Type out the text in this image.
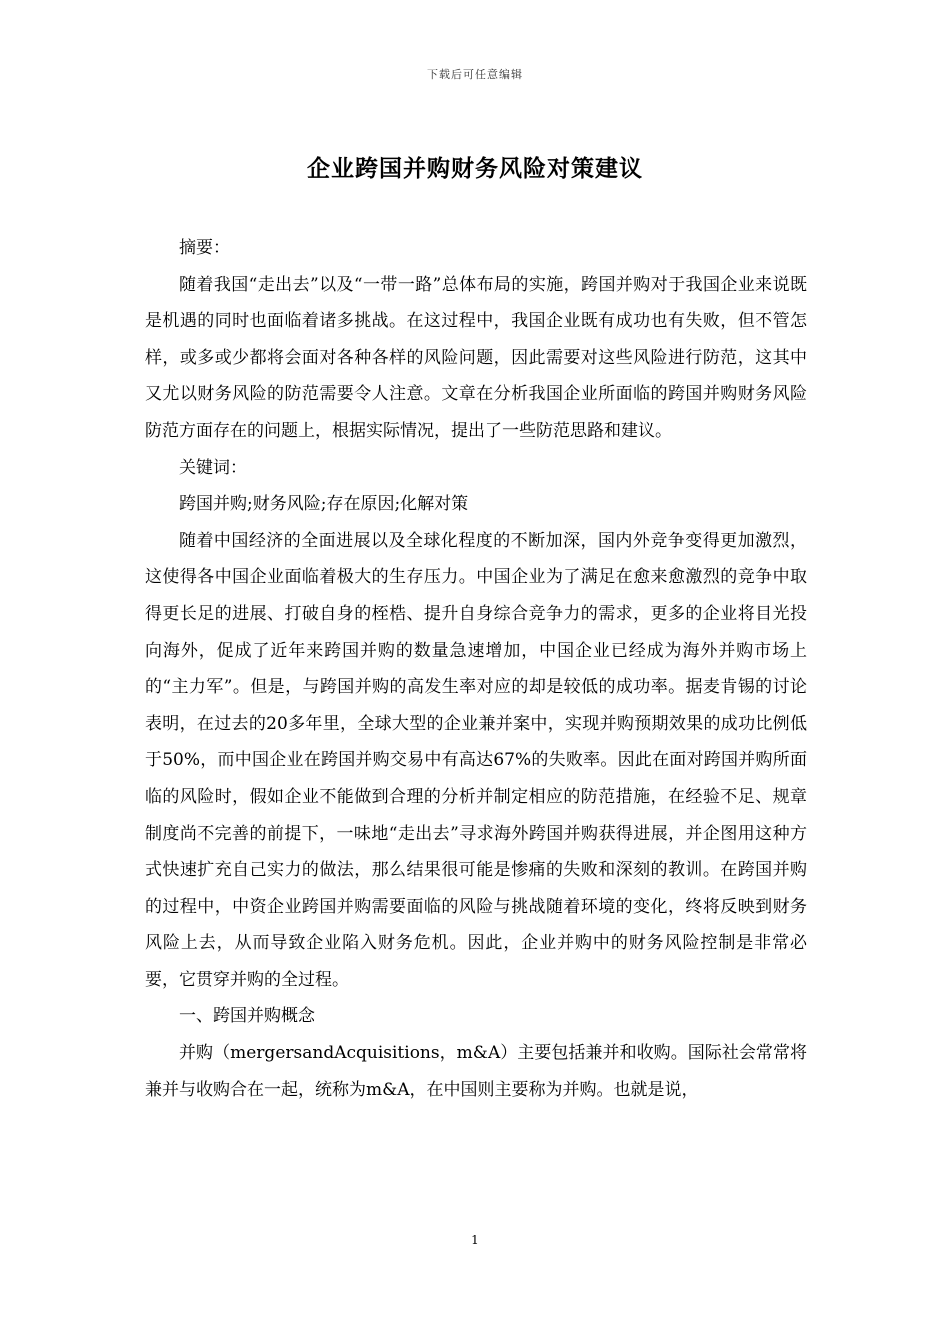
下载后可任意编辑
企业跨国并购财务风险对策建议

摘要：

随着我国“走出去”以及“一带一路”总体布局的实施，跨国并购对于我国企业来说既是机遇的同时也面临着诸多挑战。在这过程中，我国企业既有成功也有失败，但不管怎样，或多或少都将会面对各种各样的风险问题，因此需要对这些风险进行防范，这其中又尤以财务风险的防范需要令人注意。文章在分析我国企业所面临的跨国并购财务风险防范方面存在的问题上，根据实际情况，提出了一些防范思路和建议。

关键词：

跨国并购;财务风险;存在原因;化解对策

随着中国经济的全面进展以及全球化程度的不断加深，国内外竞争变得更加激烈，这使得各中国企业面临着极大的生存压力。中国企业为了满足在愈来愈激烈的竞争中取得更长足的进展、打破自身的桎梏、提升自身综合竞争力的需求，更多的企业将目光投向海外，促成了近年来跨国并购的数量急速增加，中国企业已经成为海外并购市场上的“主力军”。但是，与跨国并购的高发生率对应的却是较低的成功率。据麦肯锡的讨论表明，在过去的20多年里，全球大型的企业兼并案中，实现并购预期效果的成功比例低于50%，而中国企业在跨国并购交易中有高达67%的失败率。因此在面对跨国并购所面临的风险时，假如企业不能做到合理的分析并制定相应的防范措施，在经验不足、规章制度尚不完善的前提下，一味地“走出去”寻求海外跨国并购获得进展，并企图用这种方式快速扩充自己实力的做法，那么结果很可能是惨痛的失败和深刻的教训。在跨国并购的过程中，中资企业跨国并购需要面临的风险与挑战随着环境的变化，终将反映到财务风险上去，从而导致企业陷入财务危机。因此，企业并购中的财务风险控制是非常必要，它贯穿并购的全过程。

一、跨国并购概念

并购（mergersandAcquisitions，m&A）主要包括兼并和收购。国际社会常常将兼并与收购合在一起，统称为m&A，在中国则主要称为并购。也就是说，

1
